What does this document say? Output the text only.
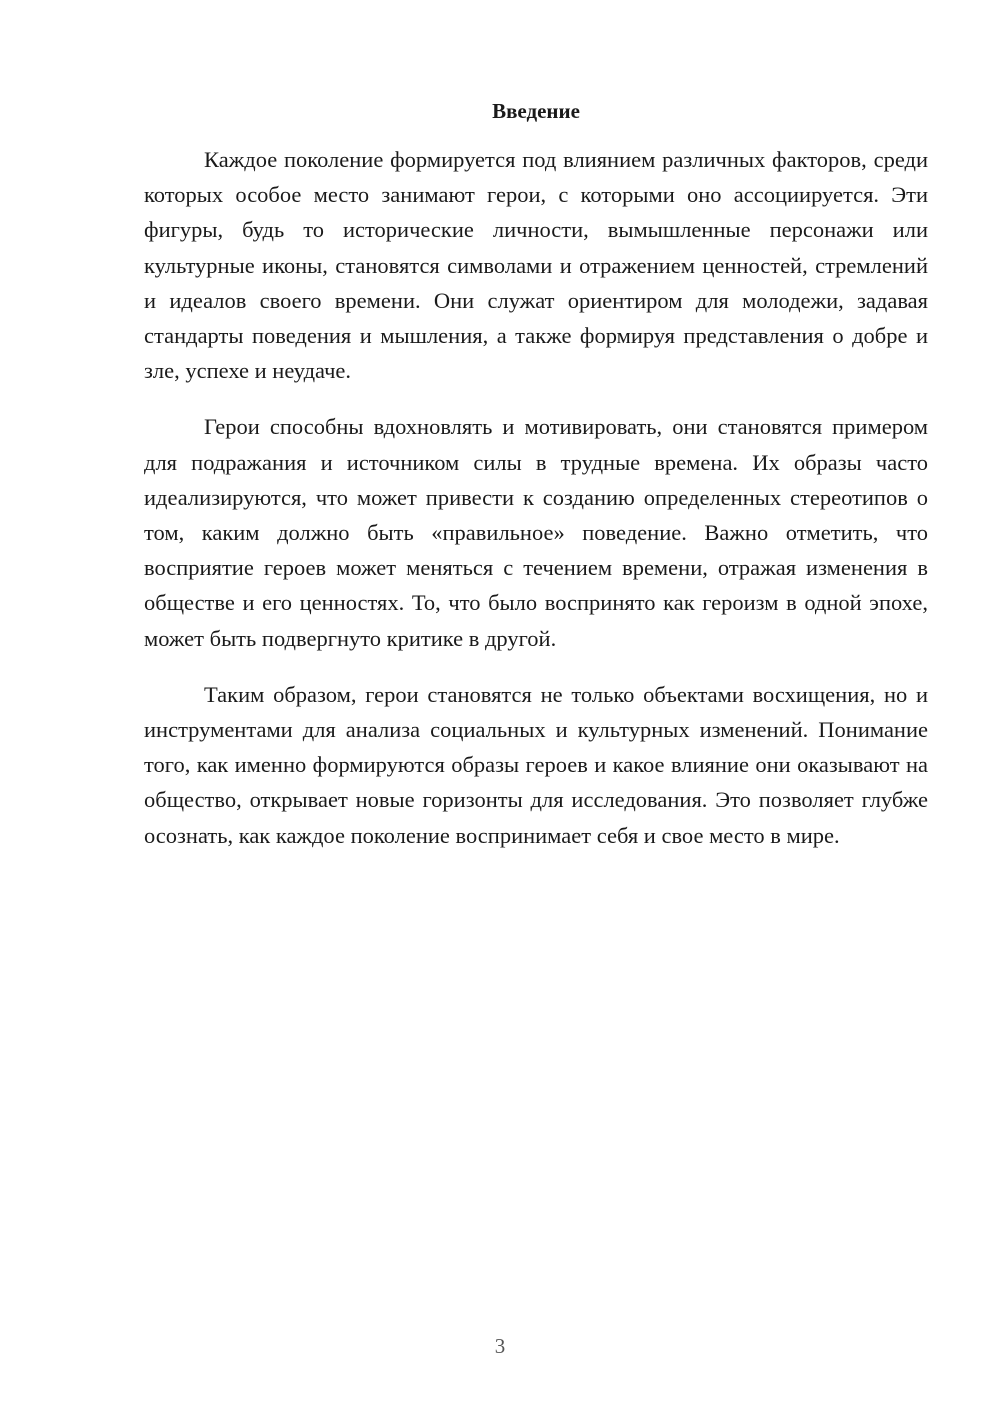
Введение

Каждое поколение формируется под влиянием различных факторов, среди которых особое место занимают герои, с которыми оно ассоциируется. Эти фигуры, будь то исторические личности, вымышленные персонажи или культурные иконы, становятся символами и отражением ценностей, стремлений и идеалов своего времени. Они служат ориентиром для молодежи, задавая стандарты поведения и мышления, а также формируя представления о добре и зле, успехе и неудаче.

Герои способны вдохновлять и мотивировать, они становятся примером для подражания и источником силы в трудные времена. Их образы часто идеализируются, что может привести к созданию определенных стереотипов о том, каким должно быть «правильное» поведение. Важно отметить, что восприятие героев может меняться с течением времени, отражая изменения в обществе и его ценностях. То, что было воспринято как героизм в одной эпохе, может быть подвергнуто критике в другой.

Таким образом, герои становятся не только объектами восхищения, но и инструментами для анализа социальных и культурных изменений. Понимание того, как именно формируются образы героев и какое влияние они оказывают на общество, открывает новые горизонты для исследования. Это позволяет глубже осознать, как каждое поколение воспринимает себя и свое место в мире.

3
